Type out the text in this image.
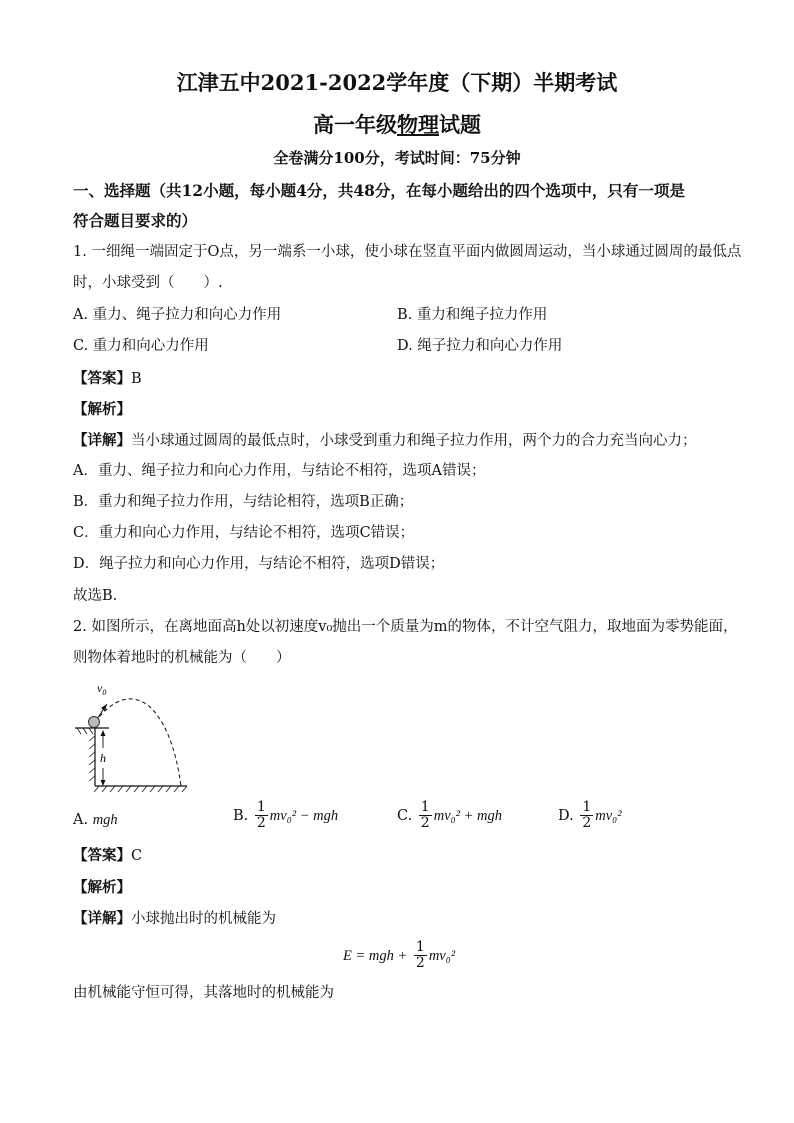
江津五中2021-2022学年度（下期）半期考试
高一年级物理试题
全卷满分100分，考试时间：75分钟
一、选择题（共12小题，每小题4分，共48分，在每小题给出的四个选项中，只有一项是
符合题目要求的）
1. 一细绳一端固定于O点，另一端系一小球，使小球在竖直平面内做圆周运动，当小球通过圆周的最低点
时，小球受到（　　）.
A. 重力、绳子拉力和向心力作用	B. 重力和绳子拉力作用
C. 重力和向心力作用	D. 绳子拉力和向心力作用
【答案】B
【解析】
【详解】当小球通过圆周的最低点时，小球受到重力和绳子拉力作用，两个力的合力充当向心力；
A．重力、绳子拉力和向心力作用，与结论不相符，选项A错误；
B．重力和绳子拉力作用，与结论相符，选项B正确；
C．重力和向心力作用，与结论不相符，选项C错误；
D．绳子拉力和向心力作用，与结论不相符，选项D错误；
故选B.
2. 如图所示，在离地面高h处以初速度v₀抛出一个质量为m的物体，不计空气阻力，取地面为零势能面，
则物体着地时的机械能为（　　）
$v_0$
h
A. mgh	B. $\frac{1}{2} mv_0^2$ − mgh	C. $\frac{1}{2} mv_0^2$ + mgh	D. $\frac{1}{2} mv_0^2$
【答案】C
【解析】
【详解】小球抛出时的机械能为
E = mgh + $\frac{1}{2} mv_0^2$
由机械能守恒可得，其落地时的机械能为
